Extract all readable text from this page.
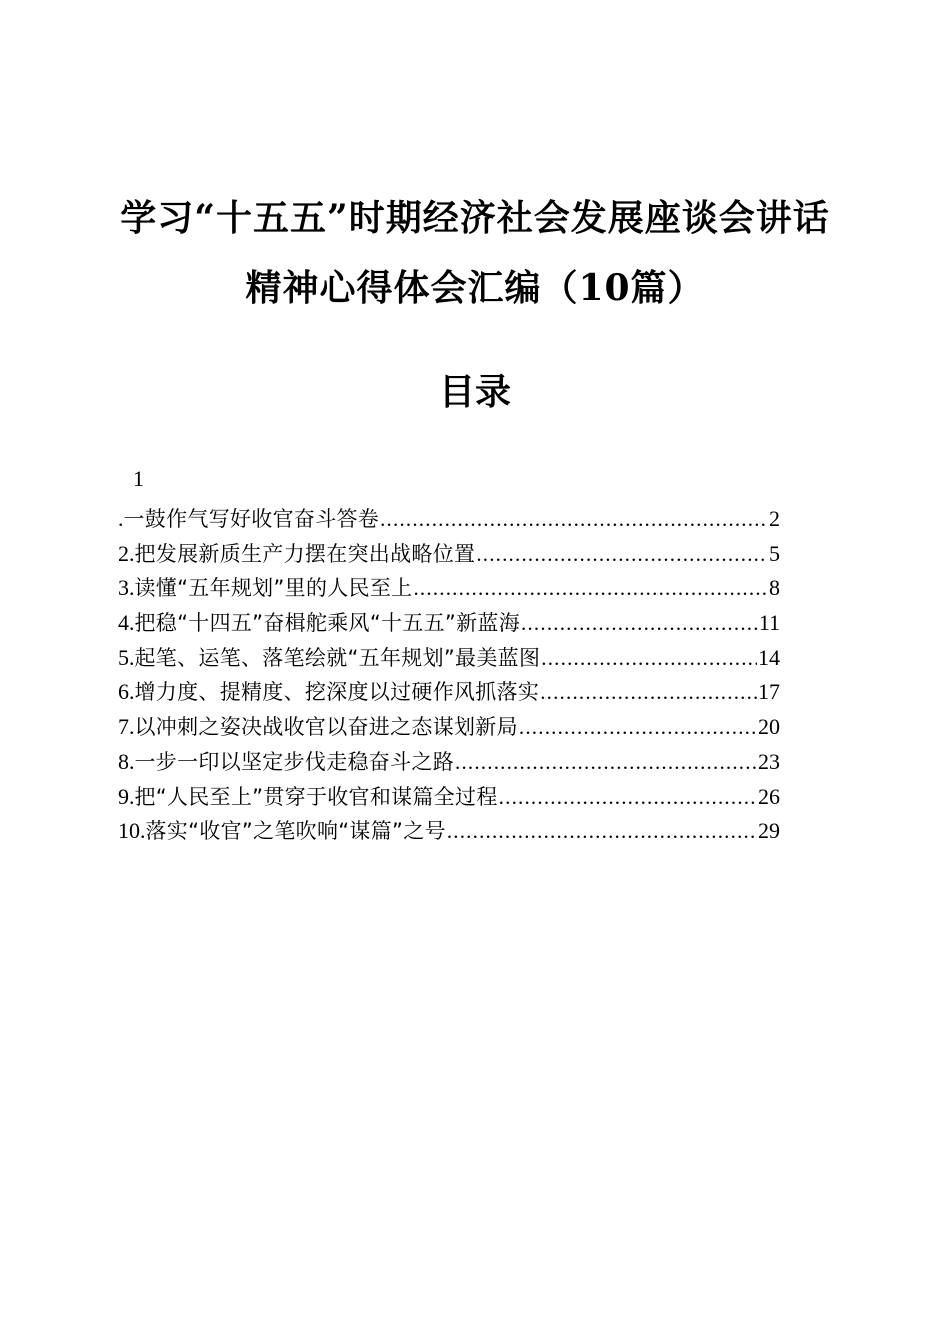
学习“十五五”时期经济社会发展座谈会讲话
精神心得体会汇编（10篇）
目录
1
. 一鼓作气写好收官奋斗答卷 .....	2
2. 把发展新质生产力摆在突出战略位置 .....	5
3. 读懂“五年规划”里的人民至上 .....	8
4. 把稳“十四五”奋楫舵乘风“十五五”新蓝海 .....	11
5. 起笔、运笔、落笔绘就“五年规划”最美蓝图 .....	14
6. 增力度、提精度、挖深度以过硬作风抓落实 .....	17
7. 以冲刺之姿决战收官以奋进之态谋划新局 .....	20
8. 一步一印以坚定步伐走稳奋斗之路 .....	23
9. 把“人民至上”贯穿于收官和谋篇全过程 .....	26
10. 落实“收官”之笔吹响“谋篇”之号 .....	29
